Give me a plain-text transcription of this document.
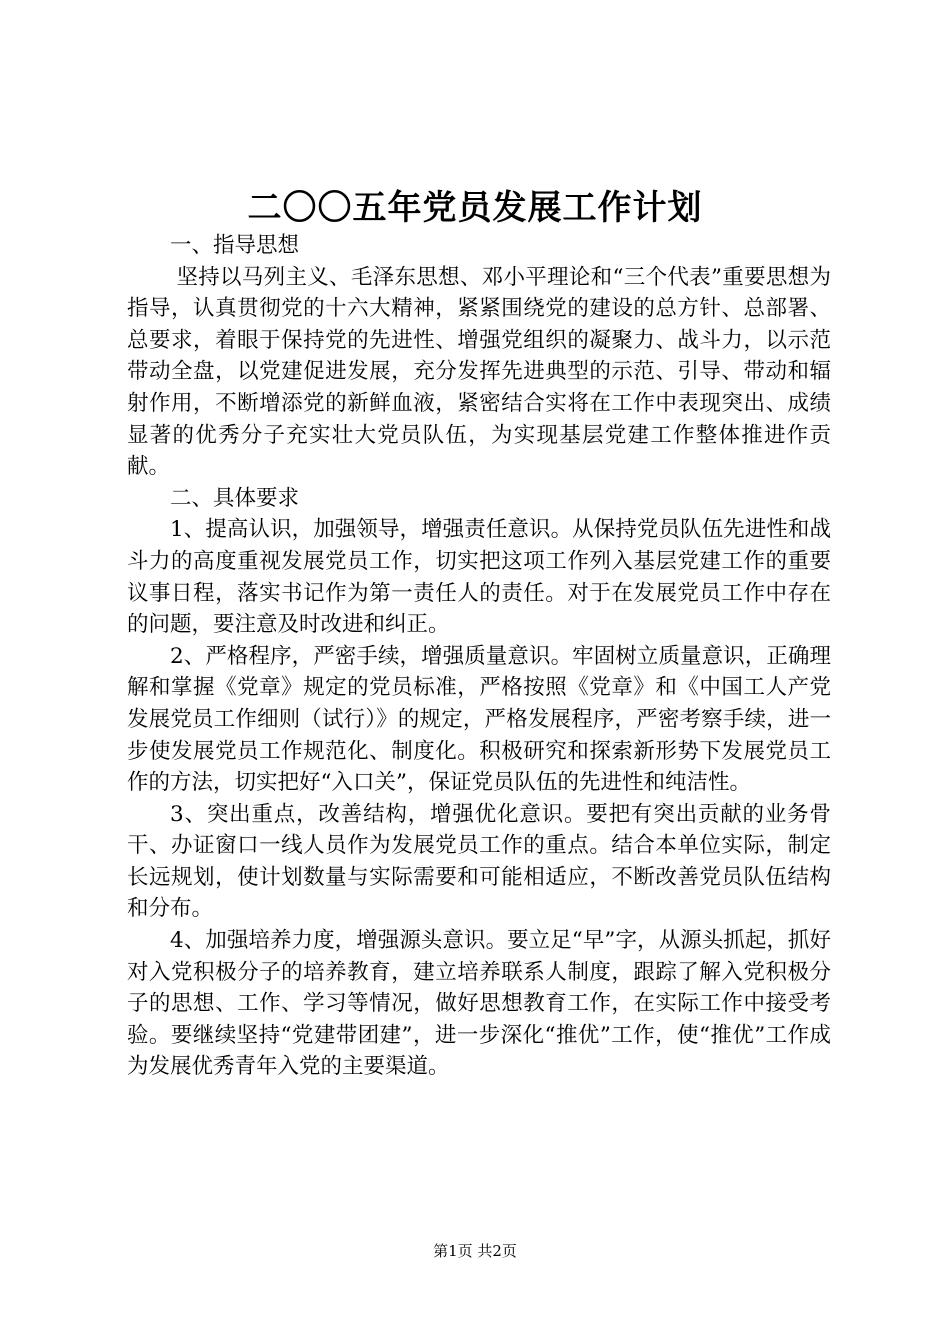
二〇〇五年党员发展工作计划

一、指导思想

坚持以马列主义、毛泽东思想、邓小平理论和“三个代表”重要思想为指导，认真贯彻党的十六大精神，紧紧围绕党的建设的总方针、总部署、总要求，着眼于保持党的先进性、增强党组织的凝聚力、战斗力，以示范带动全盘，以党建促进发展，充分发挥先进典型的示范、引导、带动和辐射作用，不断增添党的新鲜血液，紧密结合实将在工作中表现突出、成绩显著的优秀分子充实壮大党员队伍，为实现基层党建工作整体推进作贡献。

二、具体要求

1、提高认识，加强领导，增强责任意识。从保持党员队伍先进性和战斗力的高度重视发展党员工作，切实把这项工作列入基层党建工作的重要议事日程，落实书记作为第一责任人的责任。对于在发展党员工作中存在的问题，要注意及时改进和纠正。

2、严格程序，严密手续，增强质量意识。牢固树立质量意识，正确理解和掌握《党章》规定的党员标准，严格按照《党章》和《中国工人产党发展党员工作细则（试行）》的规定，严格发展程序，严密考察手续，进一步使发展党员工作规范化、制度化。积极研究和探索新形势下发展党员工作的方法，切实把好“入口关”，保证党员队伍的先进性和纯洁性。

3、突出重点，改善结构，增强优化意识。要把有突出贡献的业务骨干、办证窗口一线人员作为发展党员工作的重点。结合本单位实际，制定长远规划，使计划数量与实际需要和可能相适应，不断改善党员队伍结构和分布。

4、加强培养力度，增强源头意识。要立足“早”字，从源头抓起，抓好对入党积极分子的培养教育，建立培养联系人制度，跟踪了解入党积极分子的思想、工作、学习等情况，做好思想教育工作，在实际工作中接受考验。要继续坚持“党建带团建”，进一步深化“推优”工作，使“推优”工作成为发展优秀青年入党的主要渠道。

第1页 共2页
